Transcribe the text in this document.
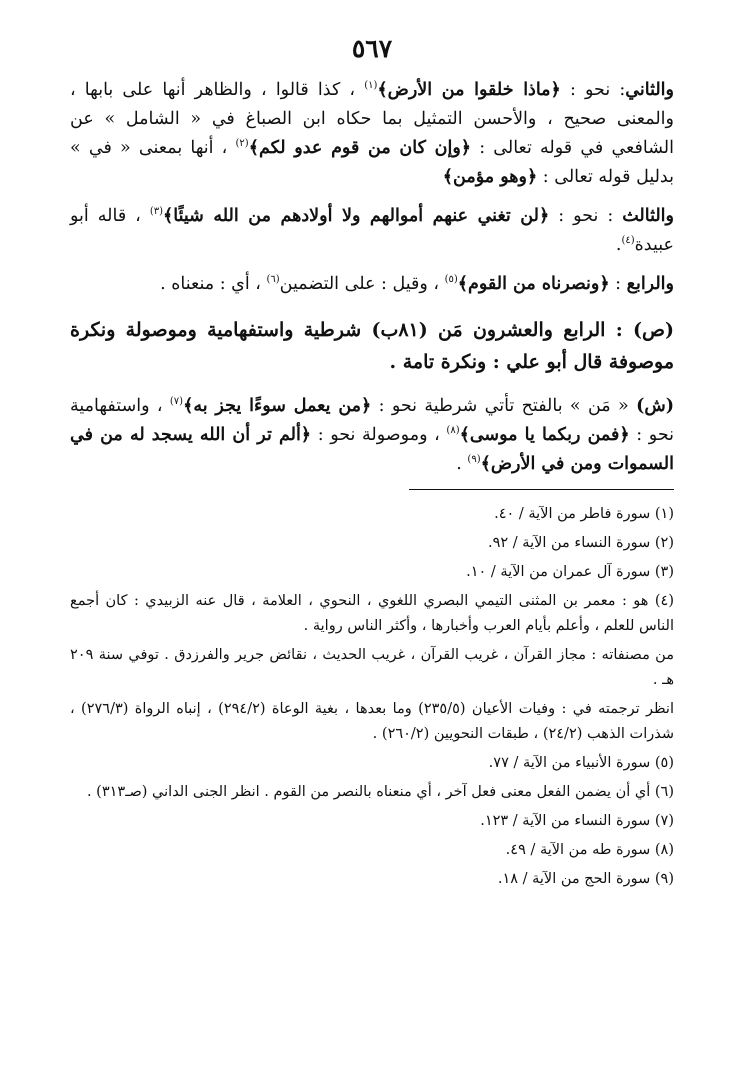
٥٦٧

والثاني: نحو : ﴿ماذا خلقوا من الأرض﴾$^{(١)}$ ، كذا قالوا ، والظاهر أنها على بابها ، والمعنى صحيح ، والأحسن التمثيل بما حكاه ابن الصباغ في « الشامل » عن الشافعي في قوله تعالى : ﴿وإن كان من قوم عدو لكم﴾$^{(٢)}$ ، أنها بمعنى « في » بدليل قوله تعالى : ﴿وهو مؤمن﴾

والثالث : نحو : ﴿لن تغني عنهم أموالهم ولا أولادهم من الله شيئًا﴾$^{(٣)}$ ، قاله أبو عبيدة$^{(٤)}$.

والرابع : ﴿ونصرناه من القوم﴾$^{(٥)}$ ، وقيل : على التضمين$^{(٦)}$ ، أي : منعناه .

(ص) : الرابع والعشرون مَن (٨١ب) شرطية واستفهامية وموصولة ونكرة موصوفة قال أبو علي : ونكرة تامة .

(ش) « مَن » بالفتح تأتي شرطية نحو : ﴿من يعمل سوءًا يجز به﴾$^{(٧)}$ ، واستفهامية نحو : ﴿فمن ربكما يا موسى﴾$^{(٨)}$ ، وموصولة نحو : ﴿ألم تر أن الله يسجد له من في السموات ومن في الأرض﴾$^{(٩)}$ .

(١) سورة فاطر من الآية / ٤٠.

(٢) سورة النساء من الآية / ٩٢.

(٣) سورة آل عمران من الآية / ١٠.

(٤) هو : معمر بن المثنى التيمي البصري اللغوي ، النحوي ، العلامة ، قال عنه الزبيدي : كان أجمع الناس للعلم ، وأعلم بأيام العرب وأخبارها ، وأكثر الناس رواية .

من مصنفاته : مجاز القرآن ، غريب القرآن ، غريب الحديث ، نقائض جرير والفرزدق . توفي سنة ٢٠٩ هـ .

انظر ترجمته في : وفيات الأعيان (٢٣٥/٥) وما بعدها ، بغية الوعاة (٢٩٤/٢) ، إنباه الرواة (٢٧٦/٣) ، شذرات الذهب (٢٤/٢) ، طبقات النحويين (٢٦٠/٢) .

(٥) سورة الأنبياء من الآية / ٧٧.

(٦) أي أن يضمن الفعل معنى فعل آخر ، أي منعناه بالنصر من القوم . انظر الجنى الداني (صـ٣١٣) .

(٧) سورة النساء من الآية / ١٢٣.

(٨) سورة طه من الآية / ٤٩.

(٩) سورة الحج من الآية / ١٨.
